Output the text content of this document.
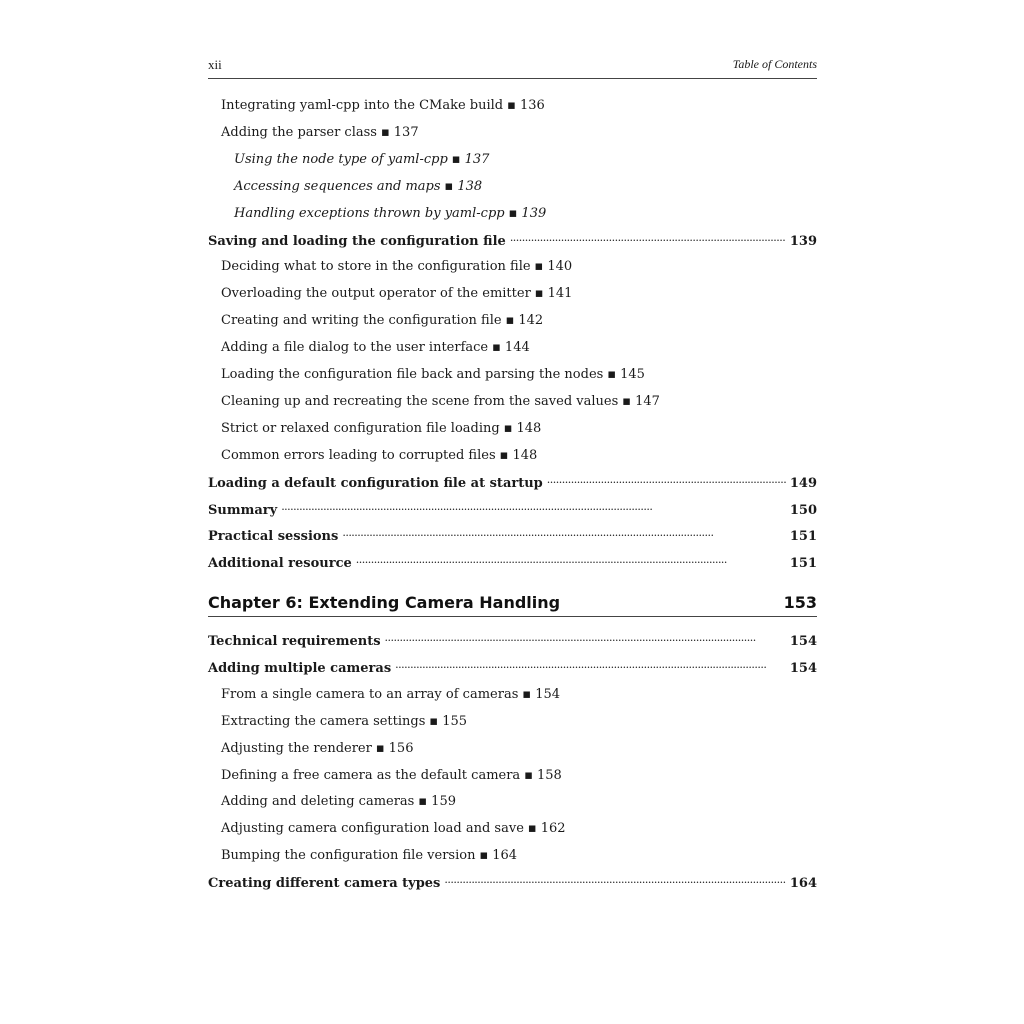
xii	Table of Contents
Integrating yaml-cpp into the CMake build ▪ 136
Adding the parser class ▪ 137
Using the node type of yaml-cpp ▪ 137
Accessing sequences and maps ▪ 138
Handling exceptions thrown by yaml-cpp ▪ 139
Saving and loading the configuration file . . .	139
Deciding what to store in the configuration file ▪ 140
Overloading the output operator of the emitter ▪ 141
Creating and writing the configuration file ▪ 142
Adding a file dialog to the user interface ▪ 144
Loading the configuration file back and parsing the nodes ▪ 145
Cleaning up and recreating the scene from the saved values ▪ 147
Strict or relaxed configuration file loading ▪ 148
Common errors leading to corrupted files ▪ 148
Loading a default configuration file at startup . . .	149
Summary . . .	150
Practical sessions . . .	151
Additional resource . . .	151
Chapter 6: Extending Camera Handling	153
Technical requirements . . .	154
Adding multiple cameras . . .	154
From a single camera to an array of cameras ▪ 154
Extracting the camera settings ▪ 155
Adjusting the renderer ▪ 156
Defining a free camera as the default camera ▪ 158
Adding and deleting cameras ▪ 159
Adjusting camera configuration load and save ▪ 162
Bumping the configuration file version ▪ 164
Creating different camera types . . .	164
